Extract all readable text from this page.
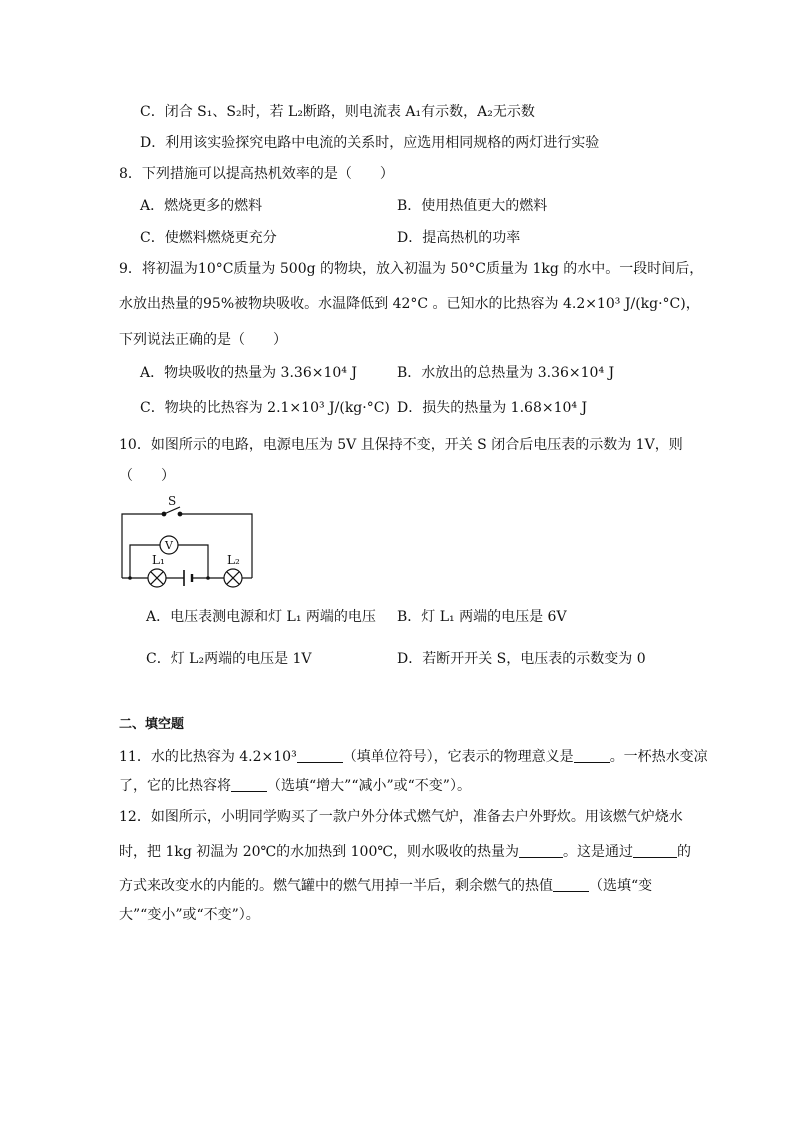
C．闭合 S₁、S₂时，若 L₂断路，则电流表 A₁有示数，A₂无示数
D．利用该实验探究电路中电流的关系时，应选用相同规格的两灯进行实验
8．下列措施可以提高热机效率的是（　　）
A．燃烧更多的燃料	B．使用热值更大的燃料
C．使燃料燃烧更充分	D．提高热机的功率
9．将初温为10°C质量为 500g 的物块，放入初温为 50°C质量为 1kg 的水中。一段时间后，
水放出热量的95%被物块吸收。水温降低到 42°C 。已知水的比热容为 4.2×10³ J/(kg·°C)，
下列说法正确的是（　　）
A．物块吸收的热量为 3.36×10⁴ J	B．水放出的总热量为 3.36×10⁴ J
C．物块的比热容为 2.1×10³ J/(kg·°C) D．损失的热量为 1.68×10⁴ J
10．如图所示的电路，电源电压为 5V 且保持不变，开关 S 闭合后电压表的示数为 1V，则
（　　）
V
S
L₁	L₂
A．电压表测电源和灯 L₁ 两端的电压 B．灯 L₁ 两端的电压是 6V
C．灯 L₂两端的电压是 1V	D．若断开开关 S，电压表的示数变为 0
二、填空题
11．水的比热容为 4.2×10³	（填单位符号），它表示的物理意义是	。一杯热水变凉
了，它的比热容将	（选填“增大”“减小”或“不变”）。
12．如图所示，小明同学购买了一款户外分体式燃气炉，准备去户外野炊。用该燃气炉烧水
时，把 1kg 初温为 20℃的水加热到 100℃，则水吸收的热量为	。这是通过	的
方式来改变水的内能的。燃气罐中的燃气用掉一半后，剩余燃气的热值	（选填“变
大”“变小”或“不变”）。
